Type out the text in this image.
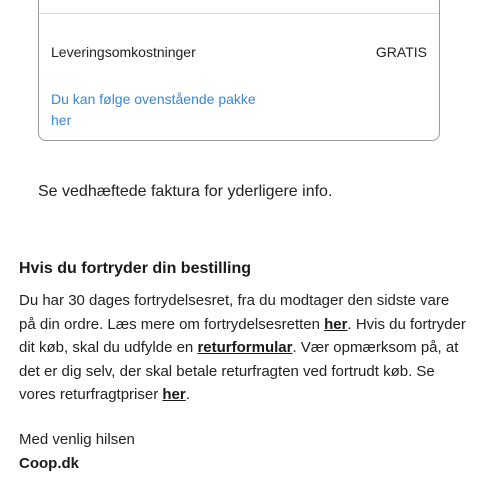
Leveringsomkostninger	GRATIS
Du kan følge ovenstående pakke her
Se vedhæftede faktura for yderligere info.
Hvis du fortryder din bestilling

Du har 30 dages fortrydelsesret, fra du modtager den sidste vare på din ordre. Læs mere om fortrydelsesretten her. Hvis du fortryder dit køb, skal du udfylde en returformular. Vær opmærksom på, at det er dig selv, der skal betale returfragten ved fortrudt køb. Se vores returfragtpriser her.

Med venlig hilsen
Coop.dk
